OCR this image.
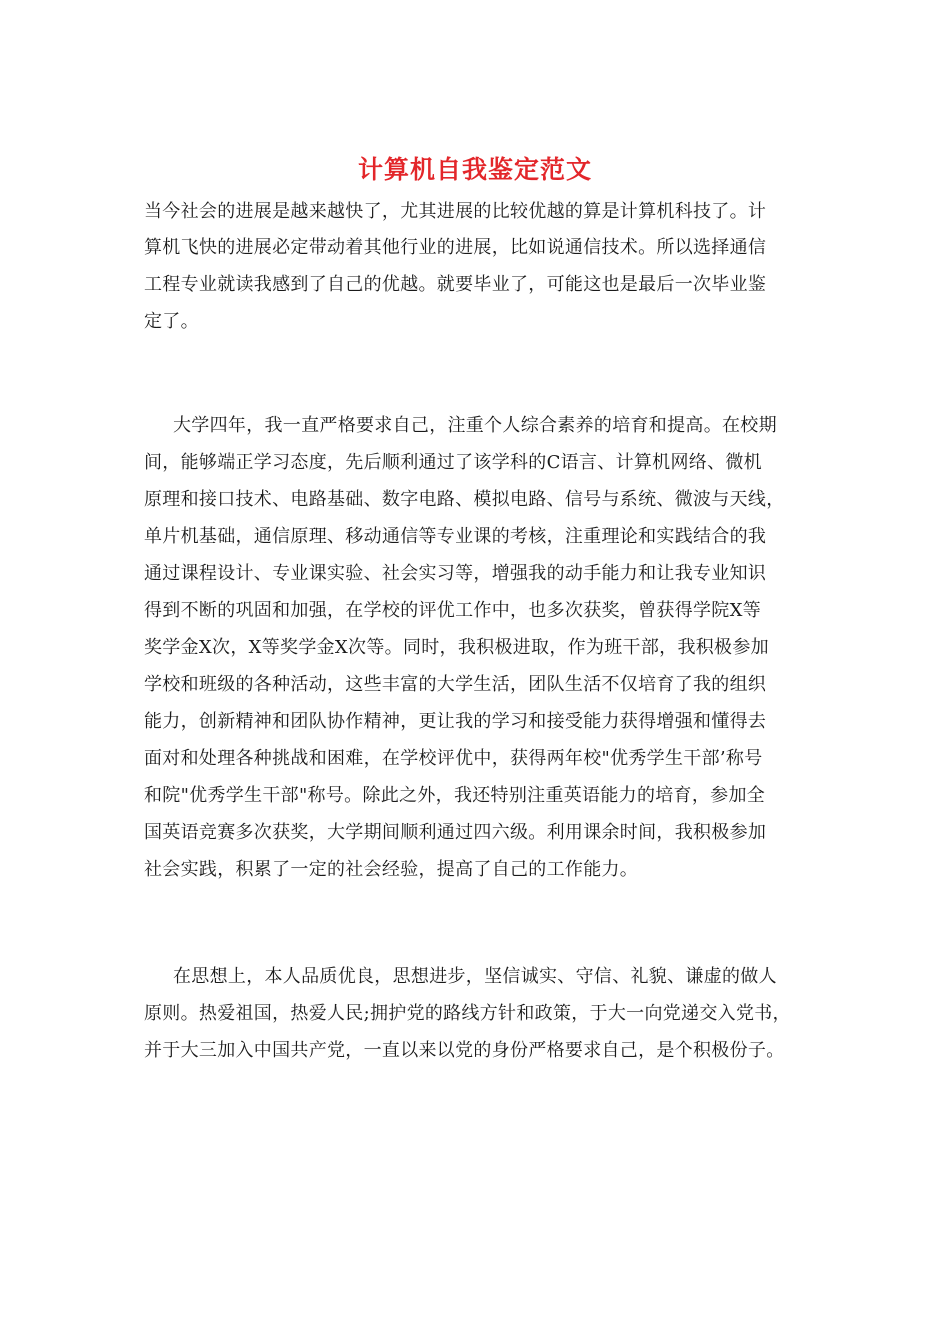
计算机自我鉴定范文
当今社会的进展是越来越快了，尤其进展的比较优越的算是计算机科技了。计
算机飞快的进展必定带动着其他行业的进展，比如说通信技术。所以选择通信
工程专业就读我感到了自己的优越。就要毕业了，可能这也是最后一次毕业鉴
定了。
大学四年，我一直严格要求自己，注重个人综合素养的培育和提高。在校期
间，能够端正学习态度，先后顺利通过了该学科的C语言、计算机网络、微机
原理和接口技术、电路基础、数字电路、模拟电路、信号与系统、微波与天线，
单片机基础，通信原理、移动通信等专业课的考核，注重理论和实践结合的我
通过课程设计、专业课实验、社会实习等，增强我的动手能力和让我专业知识
得到不断的巩固和加强，在学校的评优工作中，也多次获奖，曾获得学院X等
奖学金X次，X等奖学金X次等。同时，我积极进取，作为班干部，我积极参加
学校和班级的各种活动，这些丰富的大学生活，团队生活不仅培育了我的组织
能力，创新精神和团队协作精神，更让我的学习和接受能力获得增强和懂得去
面对和处理各种挑战和困难，在学校评优中，获得两年校"优秀学生干部’称号
和院"优秀学生干部"称号。除此之外，我还特别注重英语能力的培育，参加全
国英语竞赛多次获奖，大学期间顺利通过四六级。利用课余时间，我积极参加
社会实践，积累了一定的社会经验，提高了自己的工作能力。
在思想上，本人品质优良，思想进步，坚信诚实、守信、礼貌、谦虚的做人
原则。热爱祖国，热爱人民;拥护党的路线方针和政策，于大一向党递交入党书，
并于大三加入中国共产党，一直以来以党的身份严格要求自己，是个积极份子。
